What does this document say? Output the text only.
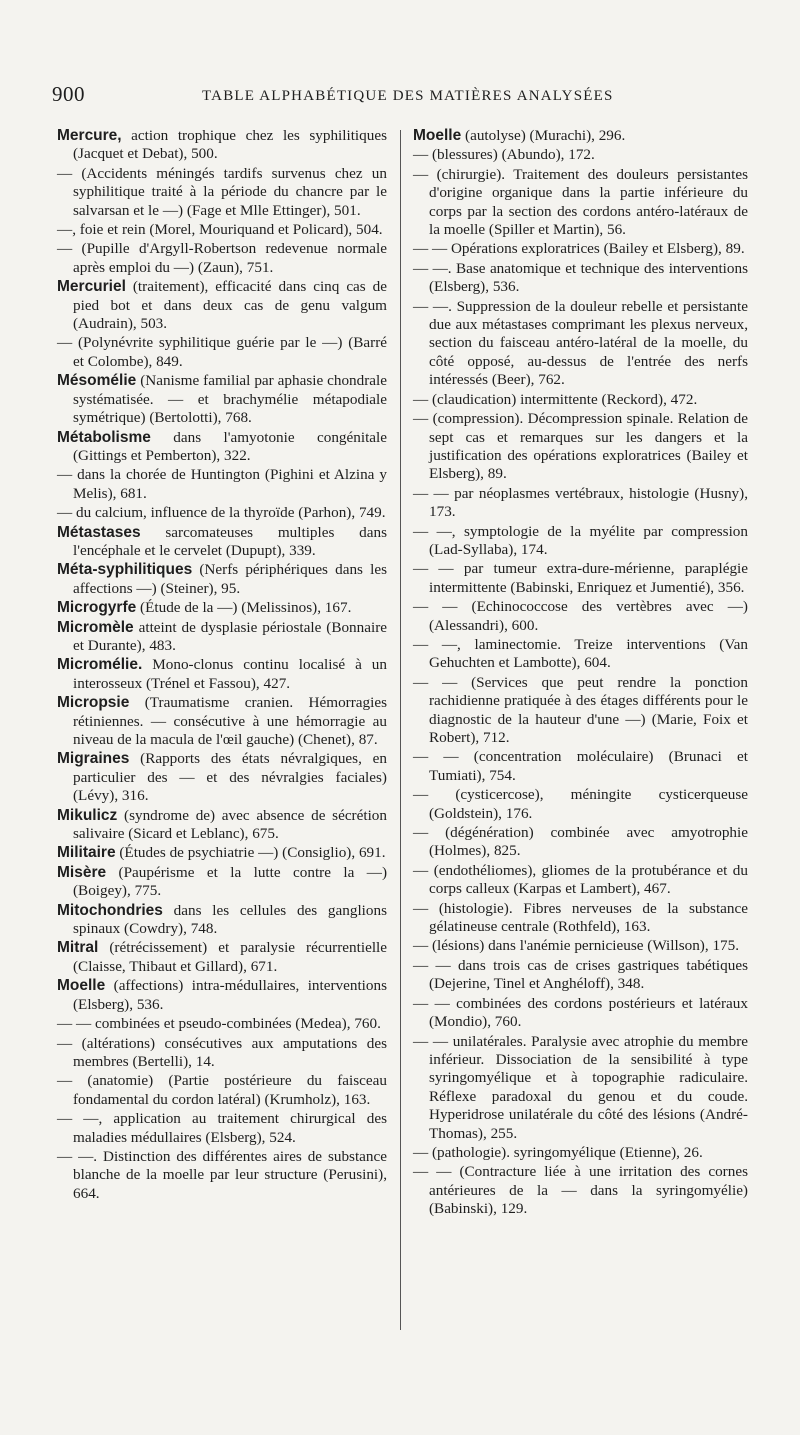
900	TABLE ALPHABÉTIQUE DES MATIÈRES ANALYSÉES
Mercure, action trophique chez les syphilitiques (Jacquet et Debat), 500.
— (Accidents méningés tardifs survenus chez un syphilitique traité à la période du chancre par le salvarsan et le —) (Fage et Mlle Ettinger), 501.
—, foie et rein (Morel, Mouriquand et Policard), 504.
— (Pupille d'Argyll-Robertson redevenue normale après emploi du —) (Zaun), 751.
Mercuriel (traitement), efficacité dans cinq cas de pied bot et dans deux cas de genu valgum (Audrain), 503.
— (Polynévrite syphilitique guérie par le —) (Barré et Colombe), 849.
Mésomélie (Nanisme familial par aphasie chondrale systématisée. — et brachymélie métapodiale symétrique) (Bertolotti), 768.
Métabolisme dans l'amyotonie congénitale (Gittings et Pemberton), 322.
— dans la chorée de Huntington (Pighini et Alzina y Melis), 681.
— du calcium, influence de la thyroïde (Parhon), 749.
Métastases sarcomateuses multiples dans l'encéphale et le cervelet (Dupupt), 339.
Méta-syphilitiques (Nerfs périphériques dans les affections —) (Steiner), 95.
Microgyrfe (Étude de la —) (Melissinos), 167.
Micromèle atteint de dysplasie périostale (Bonnaire et Durante), 483.
Micromélie. Mono-clonus continu localisé à un interosseux (Trénel et Fassou), 427.
Micropsie (Traumatisme cranien. Hémorragies rétiniennes. — consécutive à une hémorragie au niveau de la macula de l'œil gauche) (Chenet), 87.
Migraines (Rapports des états névralgiques, en particulier des — et des névralgies faciales) (Lévy), 316.
Mikulicz (syndrome de) avec absence de sécrétion salivaire (Sicard et Leblanc), 675.
Militaire (Études de psychiatrie —) (Consiglio), 691.
Misère (Paupérisme et la lutte contre la —) (Boigey), 775.
Mitochondries dans les cellules des ganglions spinaux (Cowdry), 748.
Mitral (rétrécissement) et paralysie récurrentielle (Claisse, Thibaut et Gillard), 671.
Moelle (affections) intra-médullaires, interventions (Elsberg), 536.
— — combinées et pseudo-combinées (Medea), 760.
— (altérations) consécutives aux amputations des membres (Bertelli), 14.
— (anatomie) (Partie postérieure du faisceau fondamental du cordon latéral) (Krumholz), 163.
— —, application au traitement chirurgical des maladies médullaires (Elsberg), 524.
— —. Distinction des différentes aires de substance blanche de la moelle par leur structure (Perusini), 664.
Moelle (autolyse) (Murachi), 296.
— (blessures) (Abundo), 172.
— (chirurgie). Traitement des douleurs persistantes d'origine organique dans la partie inférieure du corps par la section des cordons antéro-latéraux de la moelle (Spiller et Martin), 56.
— — Opérations exploratrices (Bailey et Elsberg), 89.
— —. Base anatomique et technique des interventions (Elsberg), 536.
— —. Suppression de la douleur rebelle et persistante due aux métastases comprimant les plexus nerveux, section du faisceau antéro-latéral de la moelle, du côté opposé, au-dessus de l'entrée des nerfs intéressés (Beer), 762.
— (claudication) intermittente (Reckord), 472.
— (compression). Décompression spinale. Relation de sept cas et remarques sur les dangers et la justification des opérations exploratrices (Bailey et Elsberg), 89.
— — par néoplasmes vertébraux, histologie (Husny), 173.
— —, symptologie de la myélite par compression (Lad-Syllaba), 174.
— — par tumeur extra-dure-mérienne, paraplégie intermittente (Babinski, Enriquez et Jumentié), 356.
— — (Echinococcose des vertèbres avec —) (Alessandri), 600.
— —, laminectomie. Treize interventions (Van Gehuchten et Lambotte), 604.
— — (Services que peut rendre la ponction rachidienne pratiquée à des étages différents pour le diagnostic de la hauteur d'une —) (Marie, Foix et Robert), 712.
— — (concentration moléculaire) (Brunaci et Tumiati), 754.
— (cysticercose), méningite cysticerqueuse (Goldstein), 176.
— (dégénération) combinée avec amyotrophie (Holmes), 825.
— (endothéliomes), gliomes de la protubérance et du corps calleux (Karpas et Lambert), 467.
— (histologie). Fibres nerveuses de la substance gélatineuse centrale (Rothfeld), 163.
— (lésions) dans l'anémie pernicieuse (Willson), 175.
— — dans trois cas de crises gastriques tabétiques (Dejerine, Tinel et Anghéloff), 348.
— — combinées des cordons postérieurs et latéraux (Mondio), 760.
— — unilatérales. Paralysie avec atrophie du membre inférieur. Dissociation de la sensibilité à type syringomyélique et à topographie radiculaire. Réflexe paradoxal du genou et du coude. Hyperidrose unilatérale du côté des lésions (André-Thomas), 255.
— (pathologie). syringomyélique (Etienne), 26.
— — (Contracture liée à une irritation des cornes antérieures de la — dans la syringomyélie) (Babinski), 129.
